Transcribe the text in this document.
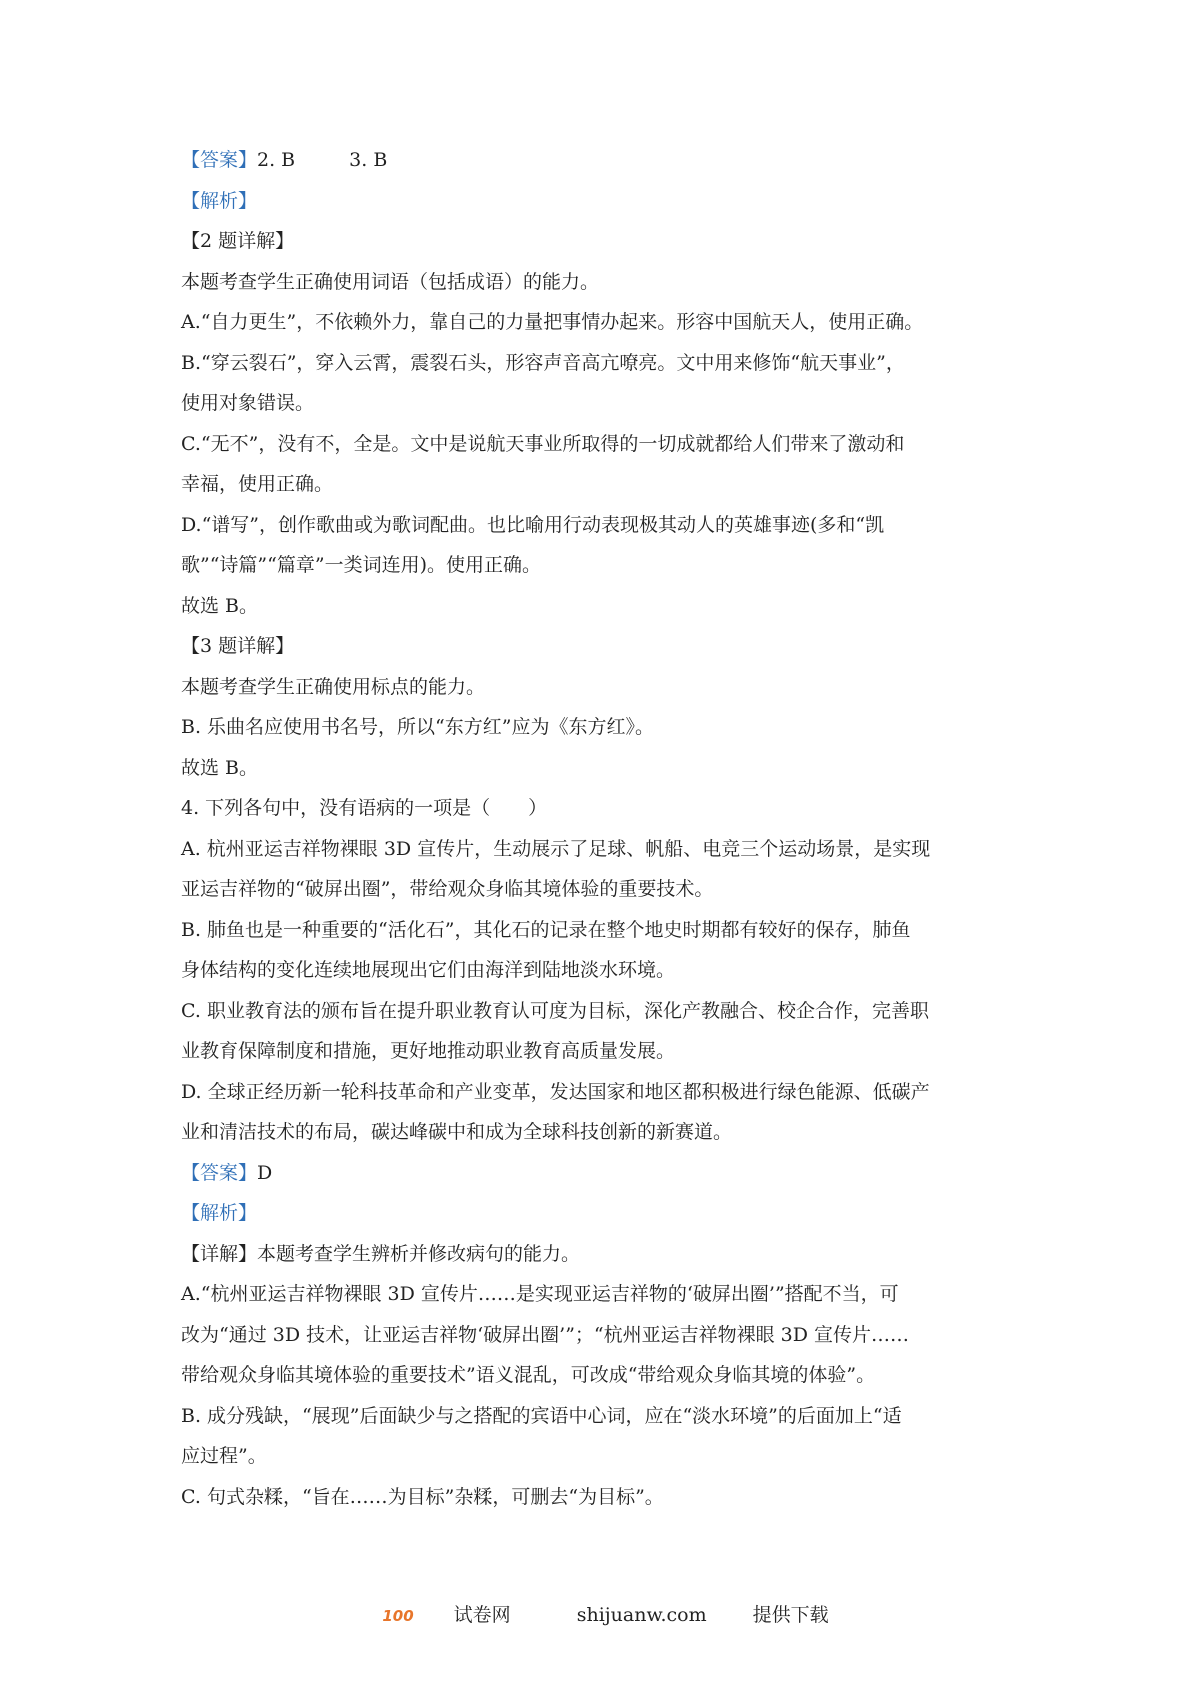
【答案】2. B	3. B
【解析】
【2 题详解】
本题考查学生正确使用词语（包括成语）的能力。
A.“自力更生”，不依赖外力，靠自己的力量把事情办起来。形容中国航天人，使用正确。
B.“穿云裂石”，穿入云霄，震裂石头，形容声音高亢嘹亮。文中用来修饰“航天事业”，
使用对象错误。
C.“无不”，没有不，全是。文中是说航天事业所取得的一切成就都给人们带来了激动和
幸福，使用正确。
D.“谱写”，创作歌曲或为歌词配曲。也比喻用行动表现极其动人的英雄事迹(多和“凯
歌”“诗篇”“篇章”一类词连用)。使用正确。
故选 B。
【3 题详解】
本题考查学生正确使用标点的能力。
B. 乐曲名应使用书名号，所以“东方红”应为《东方红》。
故选 B。
4. 下列各句中，没有语病的一项是（　　）
A. 杭州亚运吉祥物裸眼 3D 宣传片，生动展示了足球、帆船、电竞三个运动场景，是实现
亚运吉祥物的“破屏出圈”，带给观众身临其境体验的重要技术。
B. 肺鱼也是一种重要的“活化石”，其化石的记录在整个地史时期都有较好的保存，肺鱼
身体结构的变化连续地展现出它们由海洋到陆地淡水环境。
C. 职业教育法的颁布旨在提升职业教育认可度为目标，深化产教融合、校企合作，完善职
业教育保障制度和措施，更好地推动职业教育高质量发展。
D. 全球正经历新一轮科技革命和产业变革，发达国家和地区都积极进行绿色能源、低碳产
业和清洁技术的布局，碳达峰碳中和成为全球科技创新的新赛道。
【答案】D
【解析】
【详解】本题考查学生辨析并修改病句的能力。
A.“杭州亚运吉祥物裸眼 3D 宣传片……是实现亚运吉祥物的‘破屏出圈’”搭配不当，可
改为“通过 3D 技术，让亚运吉祥物‘破屏出圈’”；“杭州亚运吉祥物裸眼 3D 宣传片……
带给观众身临其境体验的重要技术”语义混乱，可改成“带给观众身临其境的体验”。
B. 成分残缺，“展现”后面缺少与之搭配的宾语中心词，应在“淡水环境”的后面加上“适
应过程”。
C. 句式杂糅，“旨在……为目标”杂糅，可删去“为目标”。
100 试卷网	shijuanw.com 提供下载
